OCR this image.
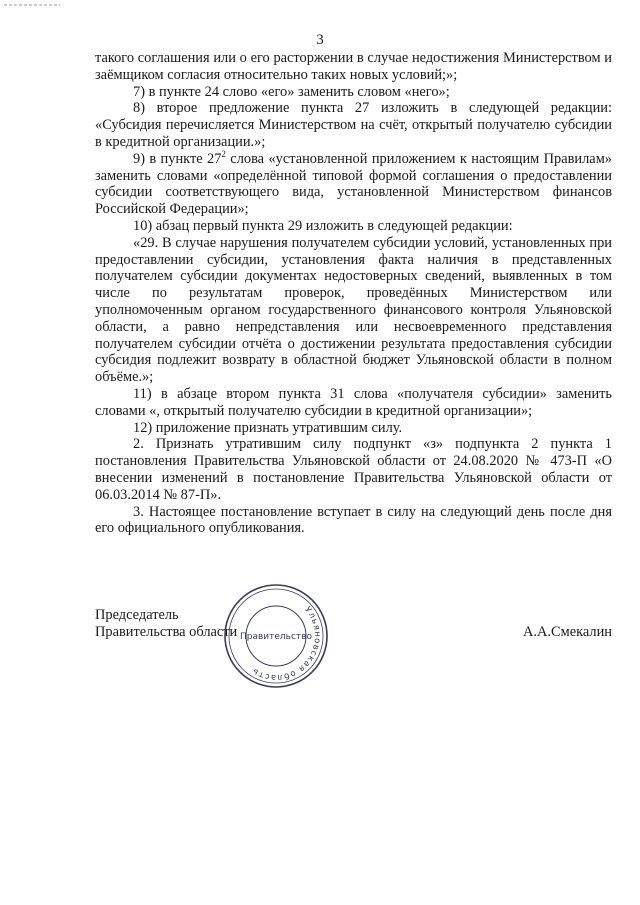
3

такого соглашения или о его расторжении в случае недостижения Министерством и заёмщиком согласия относительно таких новых условий;»;

7) в пункте 24 слово «его» заменить словом «него»;

8) второе предложение пункта 27 изложить в следующей редакции: «Субсидия перечисляется Министерством на счёт, открытый получателю субсидии в кредитной организации.»;

9) в пункте $27^2$ слова «установленной приложением к настоящим Правилам» заменить словами «определённой типовой формой соглашения о предоставлении субсидии соответствующего вида, установленной Министерством финансов Российской Федерации»;

10) абзац первый пункта 29 изложить в следующей редакции:

«29. В случае нарушения получателем субсидии условий, установленных при предоставлении субсидии, установления факта наличия в представленных получателем субсидии документах недостоверных сведений, выявленных в том числе по результатам проверок, проведённых Министерством или уполномоченным органом государственного финансового контроля Ульяновской области, а равно непредставления или несвоевременного представления получателем субсидии отчёта о достижении результата предоставления субсидии субсидия подлежит возврату в областной бюджет Ульяновской области в полном объёме.»;

11) в абзаце втором пункта 31 слова «получателя субсидии» заменить словами «, открытый получателю субсидии в кредитной организации»;

12) приложение признать утратившим силу.

2. Признать утратившим силу подпункт «з» подпункта 2 пункта 1 постановления Правительства Ульяновской области от 24.08.2020 № 473-П «О внесении изменений в постановление Правительства Ульяновской области от 06.03.2014 № 87-П».

3. Настоящее постановление вступает в силу на следующий день после дня его официального опубликования.

Председатель

Правительства области	А.А.Смекалин
Ульяновская область
Правительство
